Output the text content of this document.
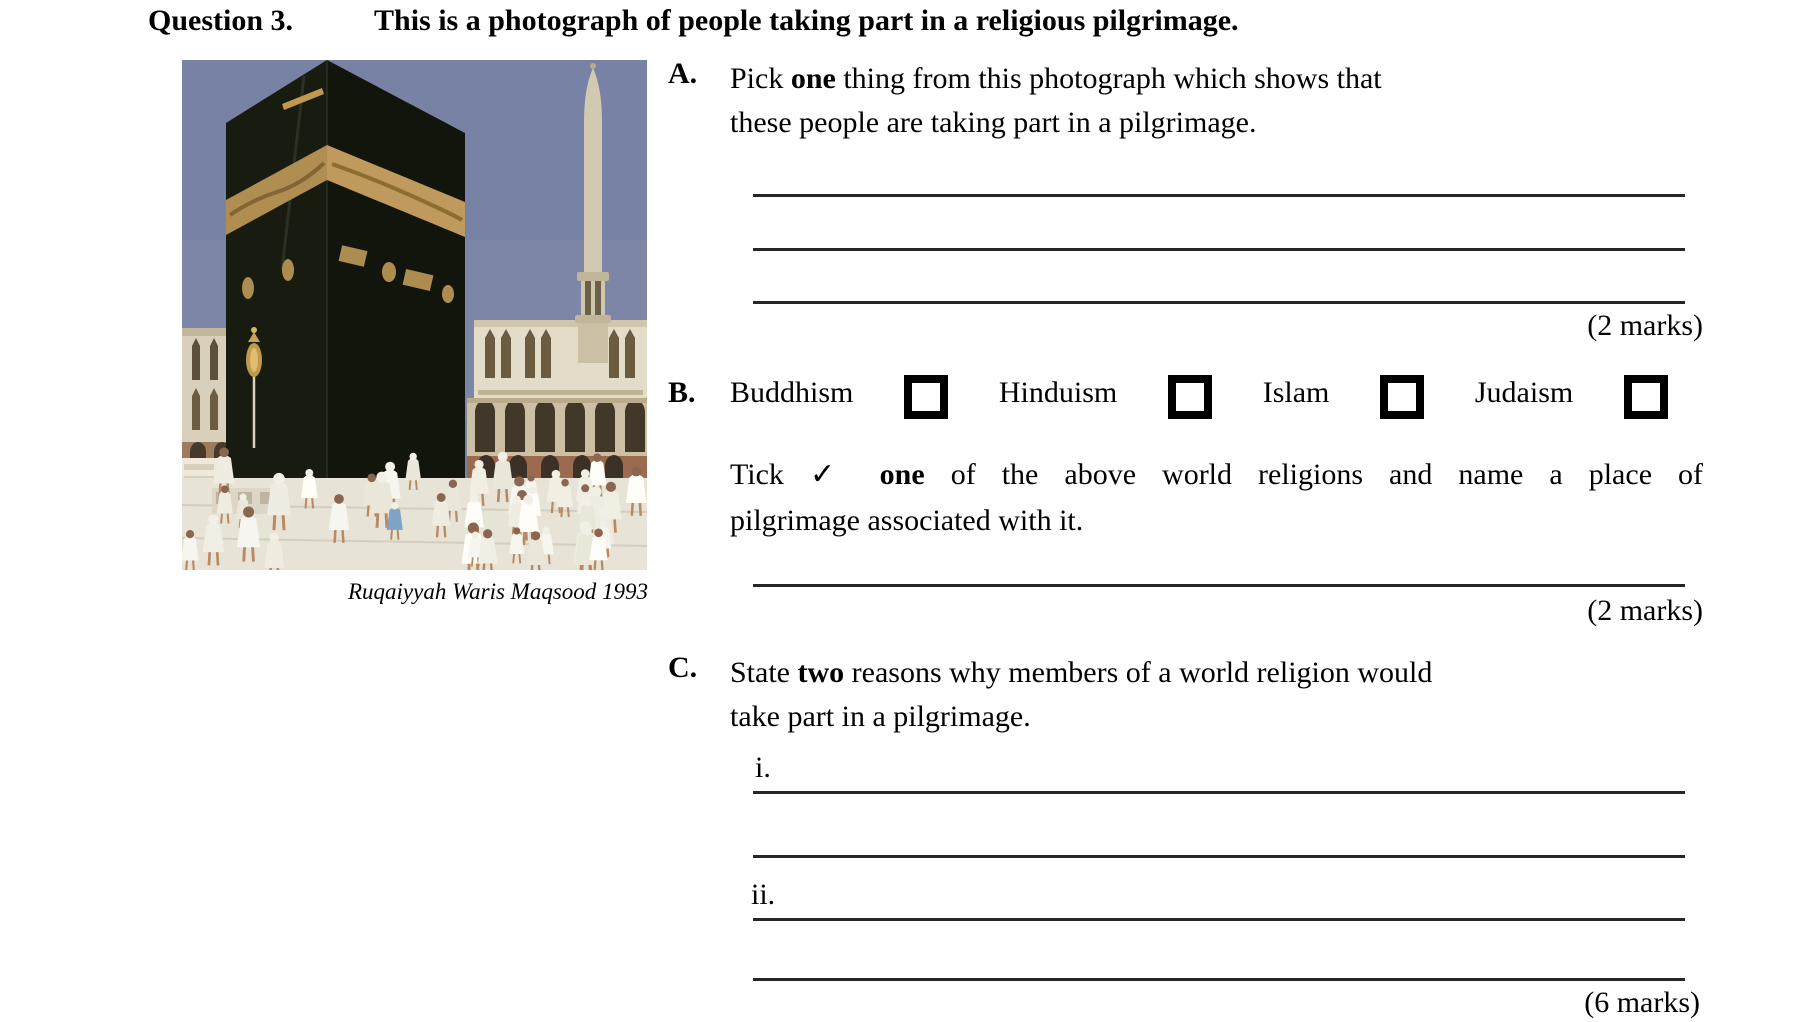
Question 3.	This is a photograph of people taking part in a religious pilgrimage.
Ruqaiyyah Waris Maqsood 1993
A. Pick one thing from this photograph which shows that
these people are taking part in a pilgrimage.
(2 marks)
B. Buddhism	Hinduism	Islam	Judaism
Tick ✓ one of the above world religions and name a place of
pilgrimage associated with it.
(2 marks)
C. State two reasons why members of a world religion would
take part in a pilgrimage.
i.
ii.
(6 marks)
